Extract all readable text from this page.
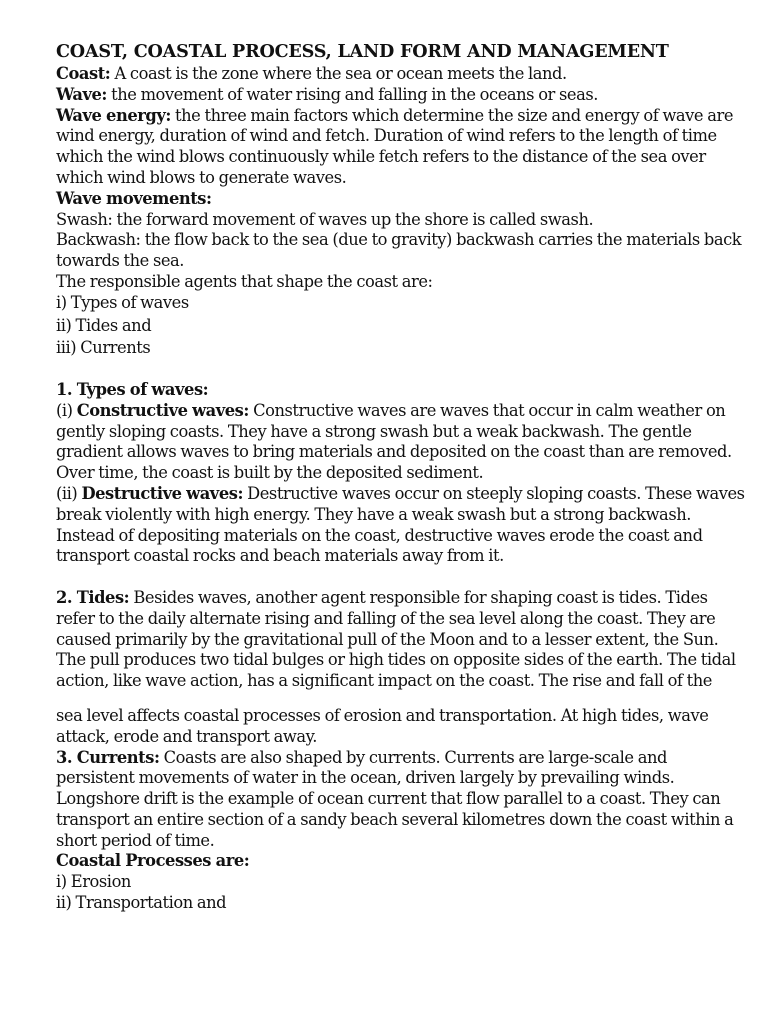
COAST, COASTAL PROCESS, LAND FORM AND MANAGEMENT

Coast: A coast is the zone where the sea or ocean meets the land.

Wave: the movement of water rising and falling in the oceans or seas.

Wave energy: the three main factors which determine the size and energy of wave are wind energy, duration of wind and fetch. Duration of wind refers to the length of time which the wind blows continuously while fetch refers to the distance of the sea over which wind blows to generate waves.

Wave movements:

Swash: the forward movement of waves up the shore is called swash.

Backwash: the flow back to the sea (due to gravity) backwash carries the materials back towards the sea.

The responsible agents that shape the coast are:

i) Types of waves

ii) Tides and

iii) Currents

1. Types of waves:

(i) Constructive waves: Constructive waves are waves that occur in calm weather on gently sloping coasts. They have a strong swash but a weak backwash. The gentle gradient allows waves to bring materials and deposited on the coast than are removed. Over time, the coast is built by the deposited sediment.

(ii) Destructive waves: Destructive waves occur on steeply sloping coasts. These waves break violently with high energy. They have a weak swash but a strong backwash. Instead of depositing materials on the coast, destructive waves erode the coast and transport coastal rocks and beach materials away from it.

2. Tides: Besides waves, another agent responsible for shaping coast is tides. Tides refer to the daily alternate rising and falling of the sea level along the coast. They are caused primarily by the gravitational pull of the Moon and to a lesser extent, the Sun. The pull produces two tidal bulges or high tides on opposite sides of the earth. The tidal action, like wave action, has a significant impact on the coast. The rise and fall of the

sea level affects coastal processes of erosion and transportation. At high tides, wave attack, erode and transport away.

3. Currents: Coasts are also shaped by currents. Currents are large-scale and persistent movements of water in the ocean, driven largely by prevailing winds. Longshore drift is the example of ocean current that flow parallel to a coast. They can transport an entire section of a sandy beach several kilometres down the coast within a short period of time.

Coastal Processes are:

i) Erosion

ii) Transportation and
